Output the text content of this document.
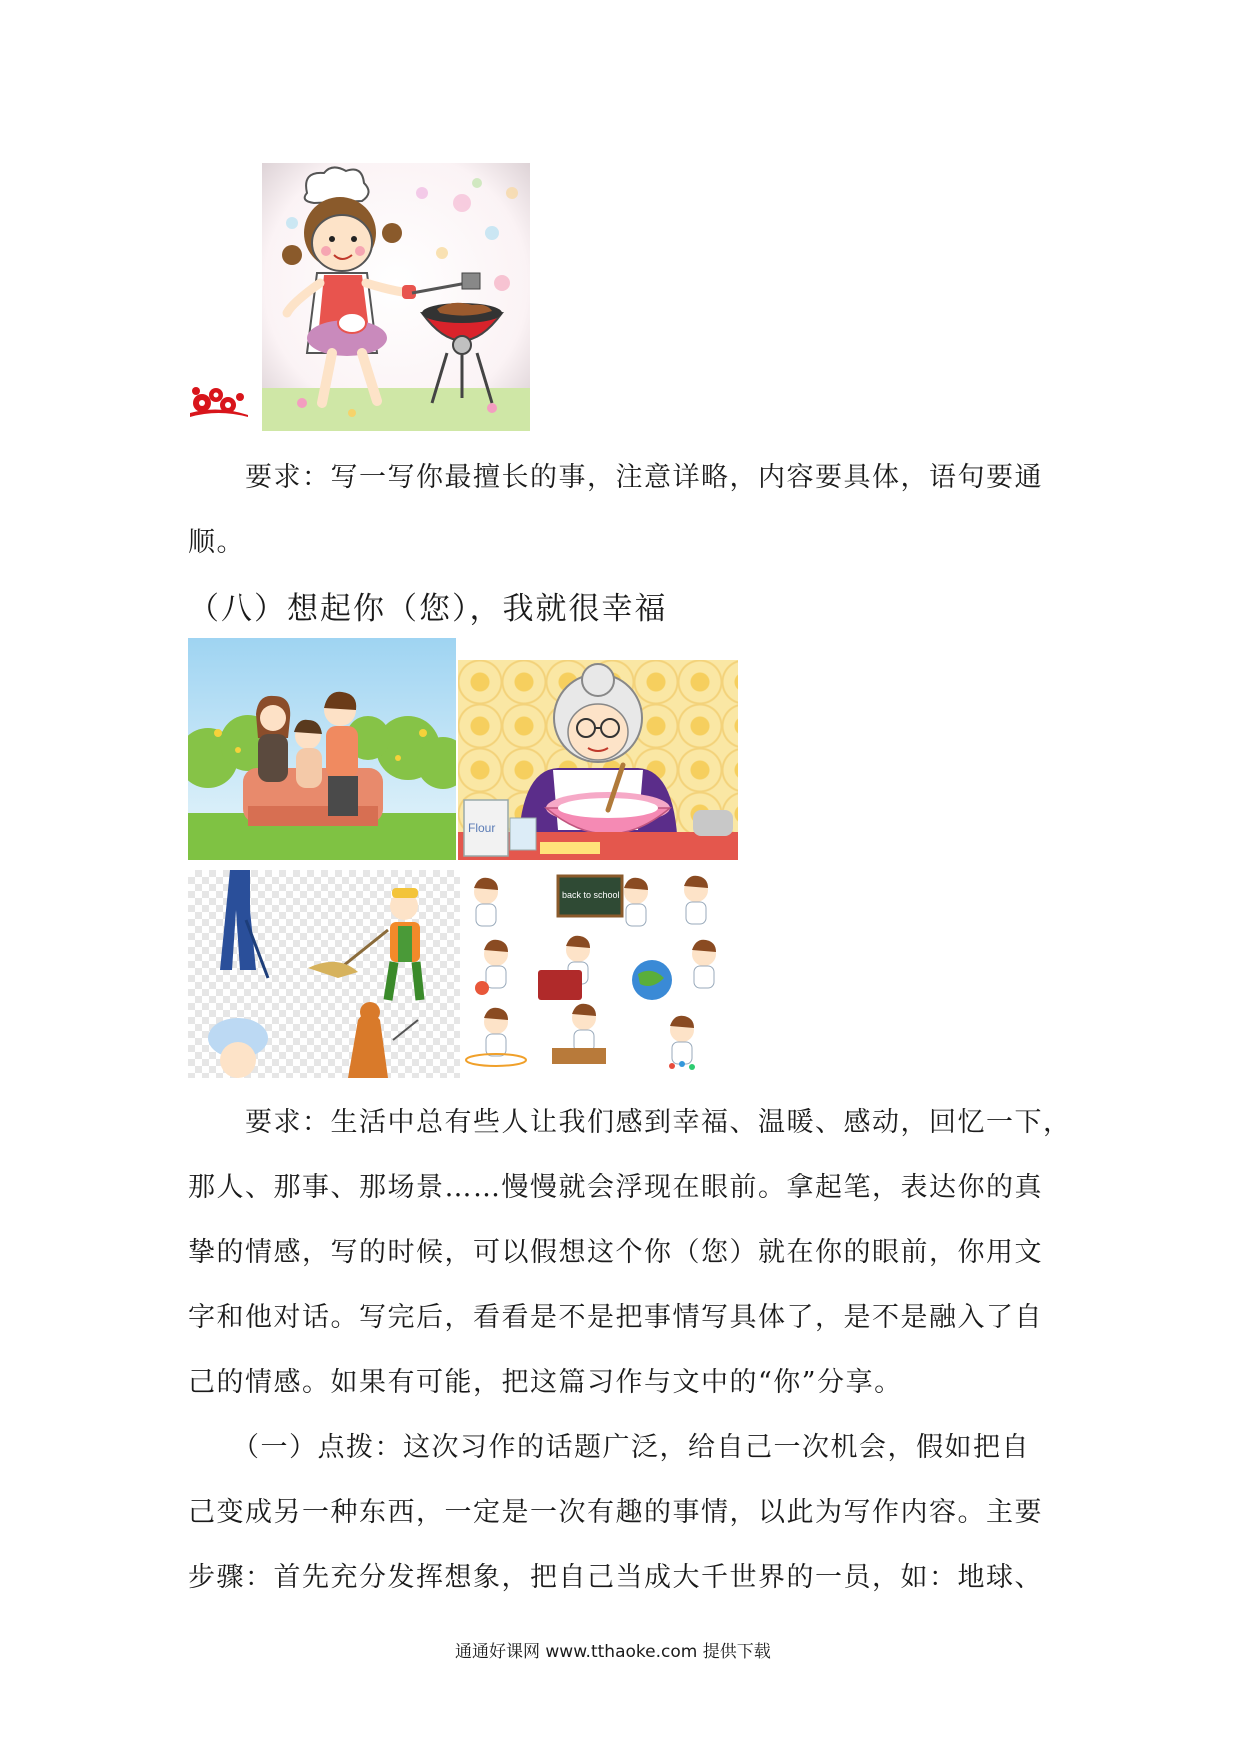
要求：写一写你最擅长的事，注意详略，内容要具体，语句要通
顺。
（八）想起你（您），我就很幸福
Flour
back to school
要求：生活中总有些人让我们感到幸福、温暖、感动，回忆一下，
那人、那事、那场景……慢慢就会浮现在眼前。拿起笔，表达你的真
挚的情感，写的时候，可以假想这个你（您）就在你的眼前，你用文
字和他对话。写完后，看看是不是把事情写具体了，是不是融入了自
己的情感。如果有可能，把这篇习作与文中的“你”分享。
（一）点拨：这次习作的话题广泛，给自己一次机会，假如把自
己变成另一种东西，一定是一次有趣的事情，以此为写作内容。主要
步骤：首先充分发挥想象，把自己当成大千世界的一员，如：地球、
通通好课网 www.tthaoke.com 提供下载
